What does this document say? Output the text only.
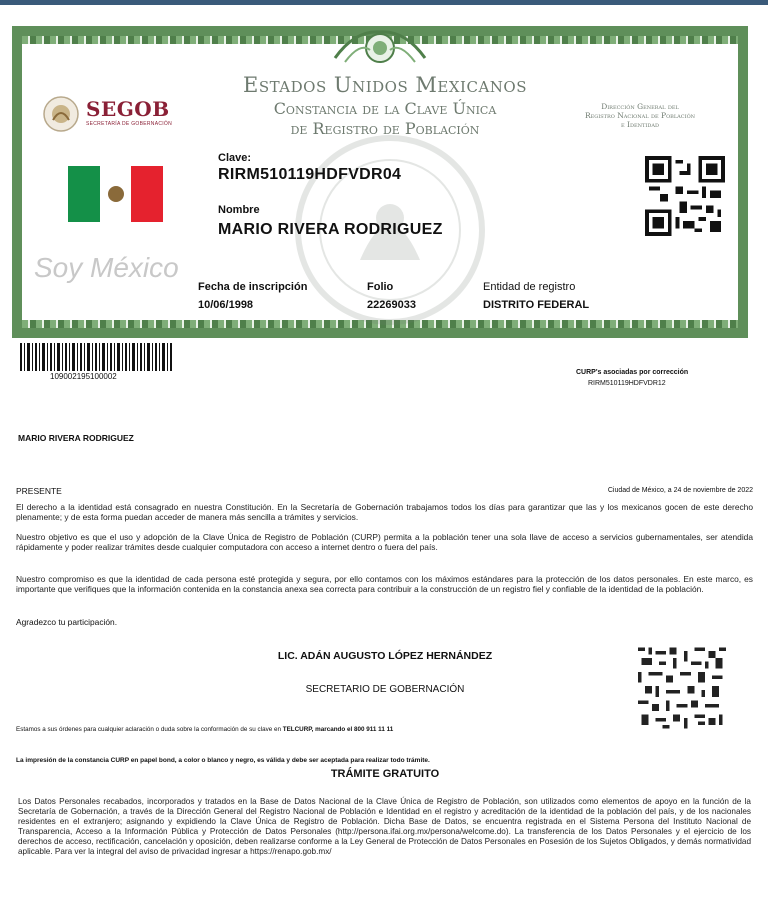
Estados Unidos Mexicanos
Constancia de la Clave Única
de Registro de Población
SEGOB
SECRETARÍA DE GOBERNACIÓN
Dirección General del
Registro Nacional de Población
e Identidad
Soy México
Clave:
RIRM510119HDFVDR04
Nombre
MARIO RIVERA RODRIGUEZ
Fecha de inscripción
10/06/1998
Folio
22269033
Entidad de registro
DISTRITO FEDERAL
109002195100002	CURP's asociadas por corrección
RIRM510119HDFVDR12
MARIO RIVERA RODRIGUEZ
PRESENTE	Ciudad de México, a 24 de noviembre de 2022
El derecho a la identidad está consagrado en nuestra Constitución. En la Secretaría de Gobernación trabajamos todos los días para garantizar que las y los mexicanos gocen de este derecho plenamente; y de esta forma puedan acceder de manera más sencilla a trámites y servicios.
Nuestro objetivo es que el uso y adopción de la Clave Única de Registro de Población (CURP) permita a la población tener una sola llave de acceso a servicios gubernamentales, ser atendida rápidamente y poder realizar trámites desde cualquier computadora con acceso a internet dentro o fuera del país.
Nuestro compromiso es que la identidad de cada persona esté protegida y segura, por ello contamos con los máximos estándares para la protección de los datos personales. En este marco, es importante que verifiques que la información contenida en la constancia anexa sea correcta para contribuir a la construcción de un registro fiel y confiable de la identidad de la población.
Agradezco tu participación.
LIC. ADÁN AUGUSTO LÓPEZ HERNÁNDEZ
SECRETARIO DE GOBERNACIÓN
Estamos a sus órdenes para cualquier aclaración o duda sobre la conformación de su clave en TELCURP, marcando el 800 911 11 11
La impresión de la constancia CURP en papel bond, a color o blanco y negro, es válida y debe ser aceptada para realizar todo trámite.
TRÁMITE GRATUITO
Los Datos Personales recabados, incorporados y tratados en la Base de Datos Nacional de la Clave Única de Registro de Población, son utilizados como elementos de apoyo en la función de la Secretaría de Gobernación, a través de la Dirección General del Registro Nacional de Población e Identidad en el registro y acreditación de la identidad de la población del país, y de los nacionales residentes en el extranjero; asignando y expidiendo la Clave Única de Registro de Población. Dicha Base de Datos, se encuentra registrada en el Sistema Persona del Instituto Nacional de Transparencia, Acceso a la Información Pública y Protección de Datos Personales (http://persona.ifai.org.mx/persona/welcome.do). La transferencia de los Datos Personales y el ejercicio de los derechos de acceso, rectificación, cancelación y oposición, deben realizarse conforme a la Ley General de Protección de Datos Personales en Posesión de los Sujetos Obligados, y demás normatividad aplicable. Para ver la integral del aviso de privacidad ingresar a https://renapo.gob.mx/
